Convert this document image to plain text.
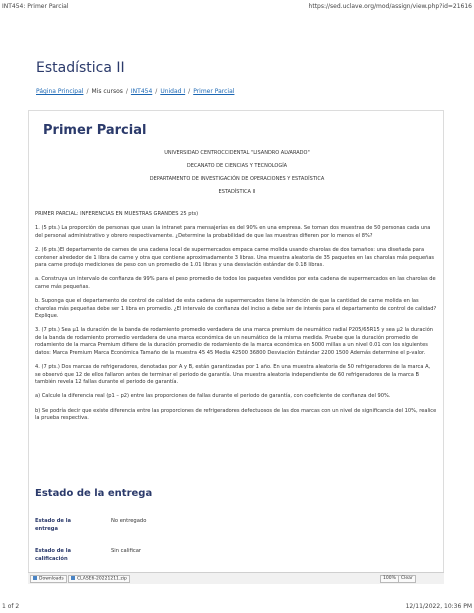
INT454: Primer Parcial	https://sed.uclave.org/mod/assign/view.php?id=21616
Estadística II
Página Principal / Mis cursos / INT454 / Unidad I / Primer Parcial
Primer Parcial
UNIVERSIDAD CENTROCCIDENTAL "LISANDRO ALVARADO"
DECANATO DE CIENCIAS Y TECNOLOGÍA
DEPARTAMENTO DE INVESTIGACIÓN DE OPERACIONES Y ESTADÍSTICA
ESTADÍSTICA II

PRIMER PARCIAL: INFERENCIAS EN MUESTRAS GRANDES 25 pts)

1. (5 pts.) La proporción de personas que usan la intranet para mensajerías es del 90% en una empresa. Se toman dos muestras de 50 personas cada una del personal administrativo y obrero respectivamente. ¿Determine la probabilidad de que las muestras difieren por lo menos el 8%?

2. (6 pts.)El departamento de carnes de una cadena local de supermercados empaca carne molida usando charolas de dos tamaños: una diseñada para contener alrededor de 1 libra de carne y otra que contiene aproximadamente 3 libras. Una muestra aleatoria de 35 paquetes en las charolas más pequeñas para carne produjo mediciones de peso con un promedio de 1.01 libras y una desviación estándar de 0.18 libras.

a. Construya un intervalo de confianza de 99% para el peso promedio de todos los paquetes vendidos por esta cadena de supermercados en las charolas de carne más pequeñas.

b. Suponga que el departamento de control de calidad de esta cadena de supermercados tiene la intención de que la cantidad de carne molida en las charolas más pequeñas debe ser 1 libra en promedio. ¿El intervalo de confianza del inciso a debe ser de interés para el departamento de control de calidad? Explique.

3. (7 pts.) Sea μ1 la duración de la banda de rodamiento promedio verdadera de una marca premium de neumático radial P205/65R15 y sea μ2 la duración de la banda de rodamiento promedio verdadera de una marca económica de un neumático de la misma medida. Pruebe que la duración promedio de rodamiento de la marca Premium difiere de la duración promedio de rodamiento de la marca económica en 5000 millas a un nivel 0.01 con los siguientes datos: Marca Premium Marca Económica Tamaño de la muestra 45 45 Media 42500 36800 Desviación Estándar 2200 1500 Además determine el p-valor.

4. (7 pts.) Dos marcas de refrigeradores, denotadas por A y B, están garantizadas por 1 año. En una muestra aleatoria de 50 refrigeradores de la marca A, se observó que 12 de ellos fallaron antes de terminar el periodo de garantía. Una muestra aleatoria independiente de 60 refrigeradores de la marca B también revela 12 fallas durante el periodo de garantía.

a) Calcule la diferencia real (p1 – p2) entre las proporciones de fallas durante el periodo de garantía, con coeficiente de confianza del 90%.

b) Se podría decir que existe diferencia entre las proporciones de refrigeradores defectuosos de las dos marcas con un nivel de significancia del 10%, realice la prueba respectiva.

Estado de la entrega
Estado de la entrega
No entregado
Estado de la calificación
Sin calificar
Downloads	CLASE6-20221211.zip	100%	Clear
1 of 2	12/11/2022, 10:36 PM
